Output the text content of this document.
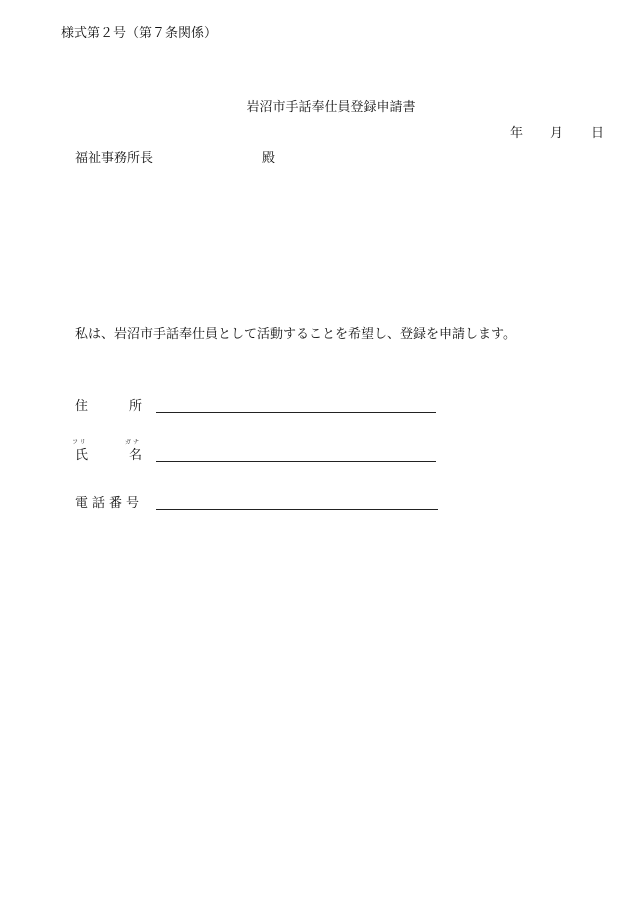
様式第２号（第７条関係）
岩沼市手話奉仕員登録申請書
年 月 日
福祉事務所長	殿
私は、岩沼市手話奉仕員として活動することを希望し、登録を申請します。
住	所
フリ	ガナ
氏	名
電話番号
